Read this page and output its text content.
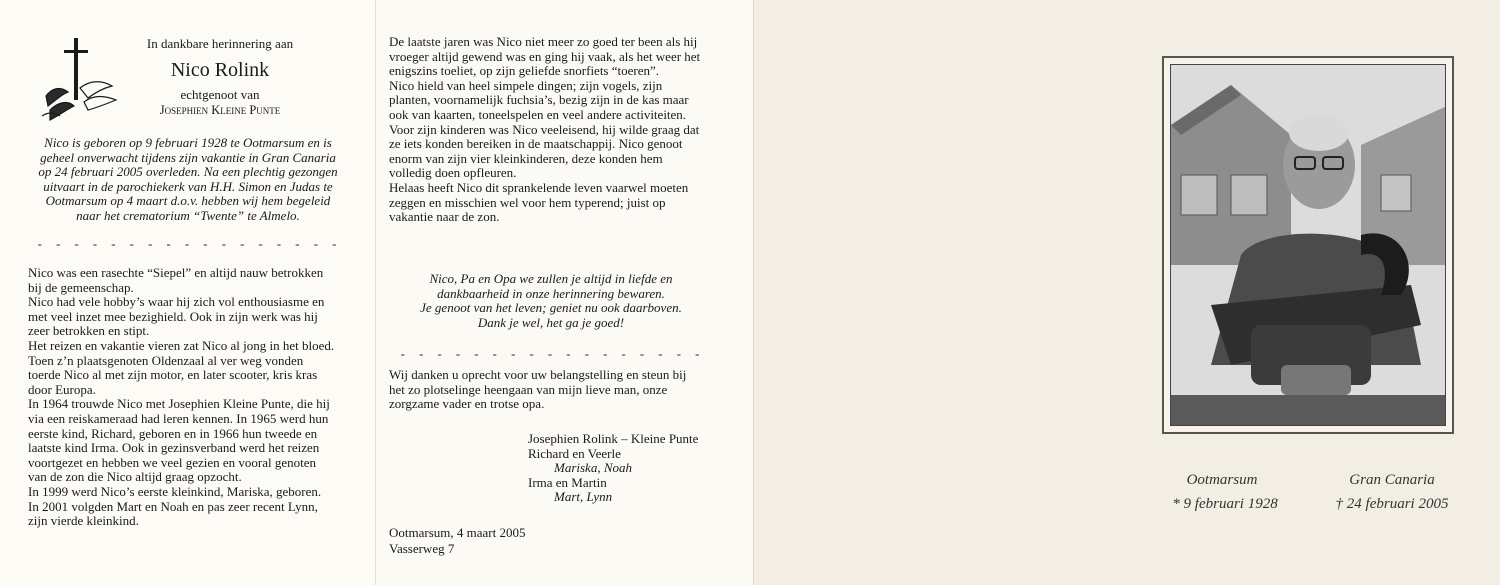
In dankbare herinnering aan
Nico Rolink
echtgenoot van
Josephien Kleine Punte

Nico is geboren op 9 februari 1928 te Ootmarsum en is

geheel onverwacht tijdens zijn vakantie in Gran Canaria

op 24 februari 2005 overleden. Na een plechtig gezongen

uitvaart in de parochiekerk van H.H. Simon en Judas te

Ootmarsum op 4 maart d.o.v. hebben wij hem begeleid

naar het crematorium “Twente” te Almelo.

- - - - - - - - - - - - - - - - -

Nico was een rasechte “Siepel” en altijd nauw betrokken

bij de gemeenschap.

Nico had vele hobby’s waar hij zich vol enthousiasme en

met veel inzet mee bezighield. Ook in zijn werk was hij

zeer betrokken en stipt.

Het reizen en vakantie vieren zat Nico al jong in het bloed.

Toen z’n plaatsgenoten Oldenzaal al ver weg vonden

toerde Nico al met zijn motor, en later scooter, kris kras

door Europa.

In 1964 trouwde Nico met Josephien Kleine Punte, die hij

via een reiskameraad had leren kennen. In 1965 werd hun

eerste kind, Richard, geboren en in 1966 hun tweede en

laatste kind Irma. Ook in gezinsverband werd het reizen

voortgezet en hebben we veel gezien en vooral genoten

van de zon die Nico altijd graag opzocht.

In 1999 werd Nico’s eerste kleinkind, Mariska, geboren.

In 2001 volgden Mart en Noah en pas zeer recent Lynn,

zijn vierde kleinkind.

De laatste jaren was Nico niet meer zo goed ter been als hij

vroeger altijd gewend was en ging hij vaak, als het weer het

enigszins toeliet, op zijn geliefde snorfiets “toeren”.

Nico hield van heel simpele dingen; zijn vogels, zijn

planten, voornamelijk fuchsia’s, bezig zijn in de kas maar

ook van kaarten, toneelspelen en veel andere activiteiten.

Voor zijn kinderen was Nico veeleisend, hij wilde graag dat

ze iets konden bereiken in de maatschappij. Nico genoot

enorm van zijn vier kleinkinderen, deze konden hem

volledig doen opfleuren.

Helaas heeft Nico dit sprankelende leven vaarwel moeten

zeggen en misschien wel voor hem typerend; juist op

vakantie naar de zon.

Nico, Pa en Opa we zullen je altijd in liefde en

dankbaarheid in onze herinnering bewaren.

Je genoot van het leven; geniet nu ook daarboven.

Dank je wel, het ga je goed!

- - - - - - - - - - - - - - - - -

Wij danken u oprecht voor uw belangstelling en steun bij

het zo plotselinge heengaan van mijn lieve man, onze

zorgzame vader en trotse opa.

Josephien Rolink – Kleine Punte

Richard en Veerle

Mariska, Noah

Irma en Martin

Mart, Lynn

Ootmarsum, 4 maart 2005
Vasserweg 7
Ootmarsum
* 9 februari 1928
Gran Canaria
† 24 februari 2005
